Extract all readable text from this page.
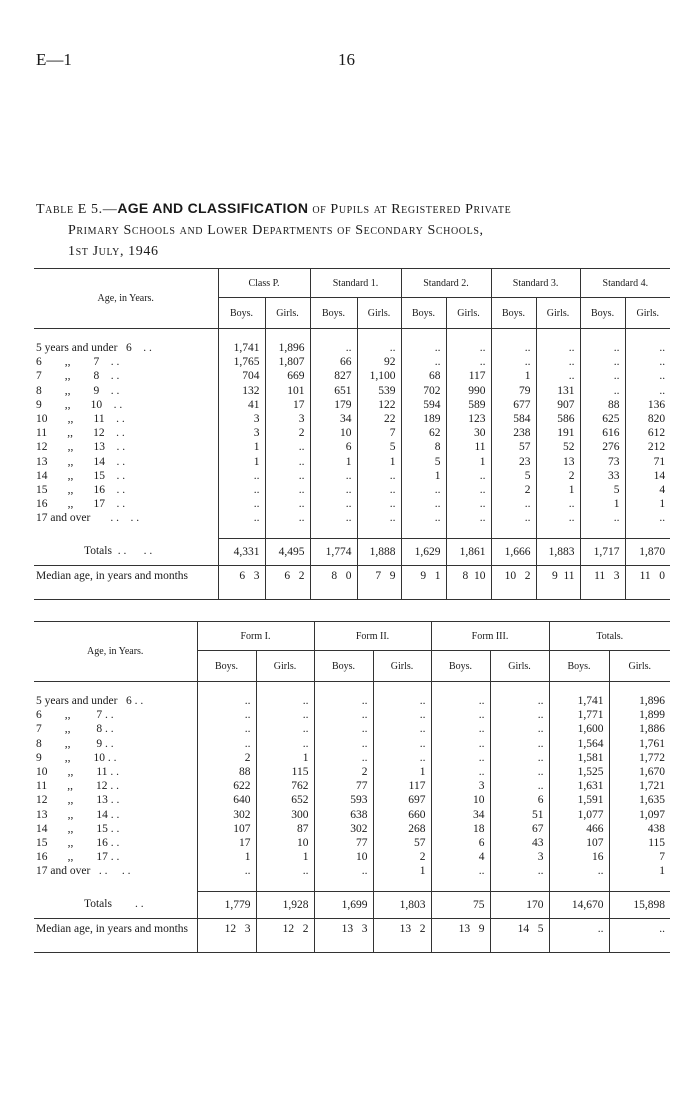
E—1	16
Table E 5.—AGE AND CLASSIFICATION of Pupils at Registered Private
Primary Schools and Lower Departments of Secondary Schools,
1st July, 1946
Age, in Years.	Class P.		Standard 1.		Standard 2.		Standard 3.		Standard 4.	
	Boys.	Girls.	Boys.	Girls.	Boys.	Girls.	Boys.	Girls.	Boys.	Girls.

5 years and under   6    . .	1,741	1,896	..	..	..	..	..	..	..	..
6        ,,        7    . .	1,765	1,807	66	92	..	..	..	..	..	..
7        ,,        8    . .	704	669	827	1,100	68	117	1	..	..	..
8        ,,        9    . .	132	101	651	539	702	990	79	131	..	..
9        ,,       10    . .	41	17	179	122	594	589	677	907	88	136
10       ,,       11    . .	3	3	34	22	189	123	584	586	625	820
11       ,,       12    . .	3	2	10	7	62	30	238	191	616	612
12       ,,       13    . .	1	..	6	5	8	11	57	52	276	212
13       ,,       14    . .	1	..	1	1	5	1	23	13	73	71
14       ,,       15    . .	..	..	..	..	1	..	5	2	33	14
15       ,,       16    . .	..	..	..	..	..	..	2	1	5	4
16       ,,       17    . .	..	..	..	..	..	..	..	..	1	1
17 and over       . .    . .	..	..	..	..	..	..	..	..	..	..

Totals  . .      . .	4,331	4,495	1,774	1,888	1,629	1,861	1,666	1,883	1,717	1,870
Median age, in years and months	6   3	6   2	8   0	7   9	9   1	8  10	10   2	9  11	11   3	11   0
Age, in Years.	Form I.		Form II.		Form III.		Totals.	
	Boys.	Girls.	Boys.	Girls.	Boys.	Girls.	Boys.	Girls.

5 years and under   6 . .	..	..	..	..	..	..	1,741	1,896
6        ,,         7 . .	..	..	..	..	..	..	1,771	1,899
7        ,,         8 . .	..	..	..	..	..	..	1,600	1,886
8        ,,         9 . .	..	..	..	..	..	..	1,564	1,761
9        ,,        10 . .	2	1	..	..	..	..	1,581	1,772
10       ,,        11 . .	88	115	2	1	..	..	1,525	1,670
11       ,,        12 . .	622	762	77	117	3	..	1,631	1,721
12       ,,        13 . .	640	652	593	697	10	6	1,591	1,635
13       ,,        14 . .	302	300	638	660	34	51	1,077	1,097
14       ,,        15 . .	107	87	302	268	18	67	466	438
15       ,,        16 . .	17	10	77	57	6	43	107	115
16       ,,        17 . .	1	1	10	2	4	3	16	7
17 and over   . .     . .	..	..	..	1	..	..	..	1

Totals        . .	1,779	1,928	1,699	1,803	75	170	14,670	15,898
Median age, in years and months	12   3	12   2	13   3	13   2	13   9	14   5	..	..
